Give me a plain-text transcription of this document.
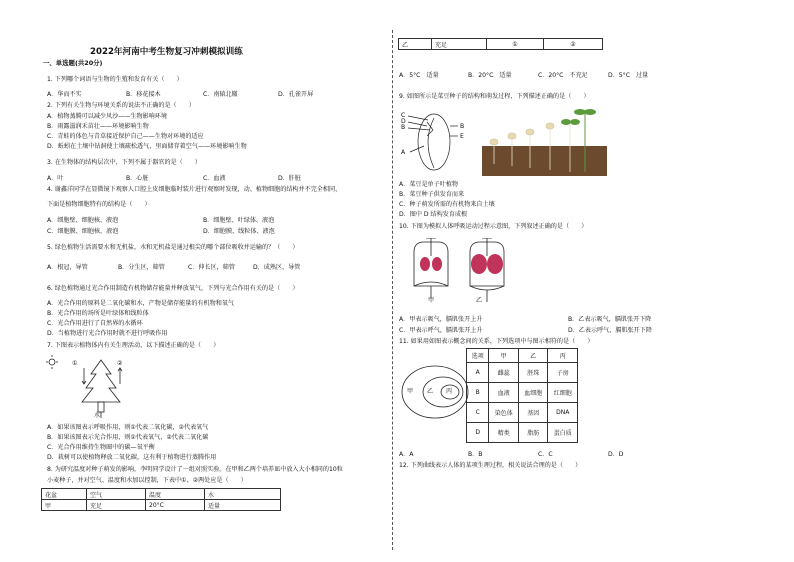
2022年河南中考生物复习冲刺模拟训练
一、单选题(共20分)
1. 下列哪个词语与生物的生殖和发育有关（　　）
A．华而不实	B．移花接木	C．南辕北辙	D．孔雀开屏
2. 下列有关生物与环境关系的说法不正确的是（　　）
A．植物蒸腾可以减少风沙——生物影响环境
B．雨露滋润禾苗壮——环境影响生物
C．青蛙的体色与青草接近保护自己——生物对环境的适应
D．蚯蚓在土壤中钻洞使土壤疏松透气，里面储存着空气——环境影响生物
3. 在生物体的结构层次中，下列不属于器官的是（　　）
A．叶	B．心脏	C．血液	D．肝脏
4. 谢鑫洋同学在显微镜下观察人口腔上皮细胞临时装片进行观察时发现，动、植物细胞的结构并不完全相同，
下面是植物细胞特有的结构是（　　）
A．细胞壁、细胞核、液泡	B．细胞壁、叶绿体、液泡
C．细胞膜、细胞核、液泡	D．细胞膜、线粒体、液泡
5. 绿色植物生活需要水和无机盐，水和无机盐是通过根尖的哪个部位吸收并运输的？（　　）
A．根冠，导管	B．分生区，筛管	C．伸长区，筛管	D．成熟区，导管
6. 绿色植物通过光合作用制造有机物储存能量并释放氧气，下列与光合作用有关的是（　　）
A．光合作用的原料是二氧化碳和水，产物是储存能量的有机物和氧气
B．光合作用的场所是叶绿体和线粒体
C．光合作用进行了自然界的水循环
D．当植物进行光合作用时就不进行呼吸作用
7. 下图表示植物体内有关生理活动，以下描述正确的是（　　）
①	②
水
A．如果该图表示呼吸作用，则①代表二氧化碳，②代表氧气
B．如果该图表示光合作用，则①代表氧气，②代表二氧化碳
C．光合作用维持生物圈中的碳—氧平衡
D．栽树可以使植物释放二氧化碳，这有利于植物进行蒸腾作用
8. 为研究温度对种子萌发的影响，李明同学设计了一组对照实验。在甲和乙两个培养皿中放入大小相同的10粒
小麦种子，并对空气、温度和水加以控制，下表中①、②两处应是（　　）
花盆	空气	温度	水
甲	充足	20°C	适量
乙	充足	①	②
A．5°C　适量	B．20°C　适量	C．20°C　不充足	D．5°C　过量
9. 如图所示是菜豆种子的结构和萌发过程，下列描述正确的是（　　）
C
D
B	B
E
A
A．菜豆是单子叶植物
B．菜豆种子供发育而来
C．种子萌发所需的有机物来自土壤
D．图中 D 结构发育成根
10. 下图为模拟人体呼吸运动过程示意图，下列叙述正确的是（　　）
甲	乙
A．甲表示吸气，膈肌张开上升	B．乙表示吸气，膈肌张开下降
C．甲表示呼气，膈肌张开上升	D．乙表示呼气，膈肌张开下降
11. 如果用如图表示概念间的关系，下列选项中与图示相符的是（　　）
甲 乙 丙
选项	甲	乙	丙
A	雌蕊	胚珠	子房
B	血液	血细胞	红细胞
C	染色体	基因	DNA
D	精类	脂肪	蛋白质
A．A	B．B	C．C	D．D
12. 下列曲线表示人体的某项生理过程，相关说法合理的是（　　）
